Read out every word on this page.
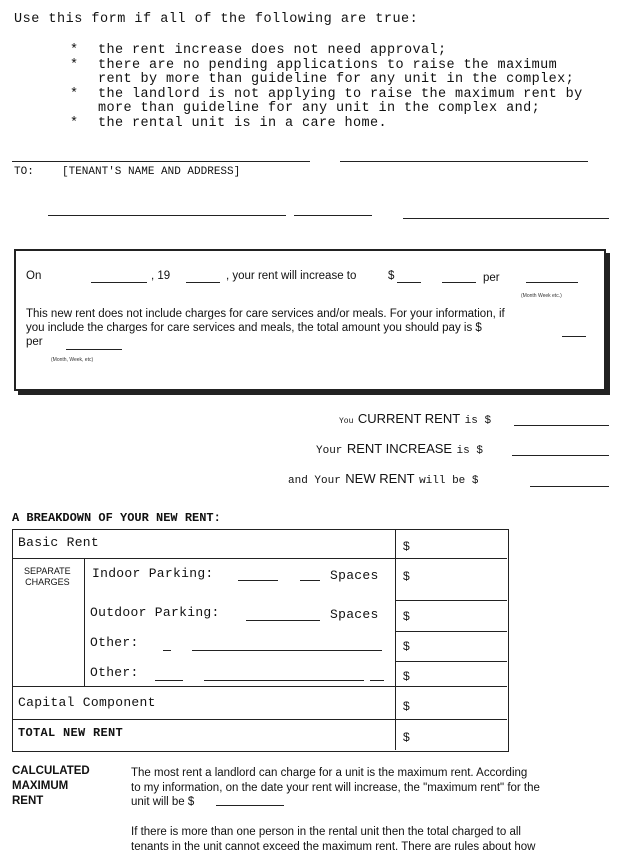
Use this form if all of the following are true:
* the rent increase does not need approval;
* there are no pending applications to raise the maximum
rent by more than guideline for any unit in the complex;
* the landlord is not applying to raise the maximum rent by
more than guideline for any unit in the complex and;
* the rental unit is in a care home.
TO:	[TENANT'S NAME AND ADDRESS]
On	, 19	, your rent will increase to	$	per
(Month Week etc.)
This new rent does not include charges for care services and/or meals. For your information, if
you include the charges for care services and meals, the total amount you should pay is $
per
(Month, Week, etc)
You CURRENT RENT is $
Your RENT INCREASE is $
and Your NEW RENT will be $
A BREAKDOWN OF YOUR NEW RENT:
Basic Rent	$
SEPARATE
CHARGES
Indoor Parking:	Spaces $
Outdoor Parking:	Spaces $
Other:	$
Other:	$
Capital Component	$
TOTAL NEW RENT	$
CALCULATED
MAXIMUM
RENT
The most rent a landlord can charge for a unit is the maximum rent. According
to my information, on the date your rent will increase, the "maximum rent" for the
unit will be $
If there is more than one person in the rental unit then the total charged to all
tenants in the unit cannot exceed the maximum rent. There are rules about how
